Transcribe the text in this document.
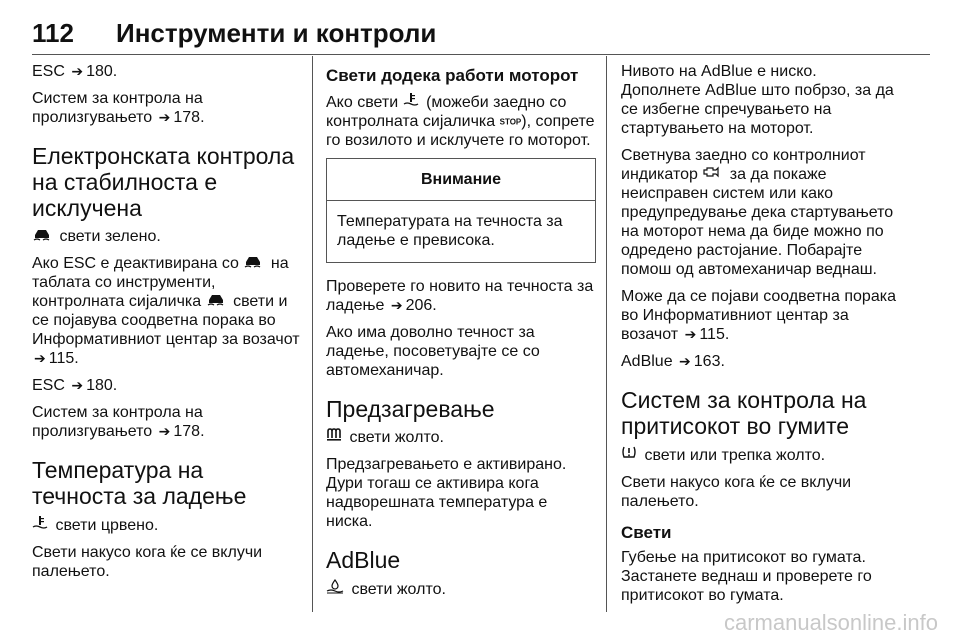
112	Инструменти и контроли

ESC ➔ 180.

Систем за контрола на пролизгувањето ➔ 178.

Електронската контрола на стабилноста е исклучена

свети зелено.

Ако ESC е деактивирана со на таблата со инструменти, контролната сијаличка свети и се појавува соодветна порака во Информативниот центар за возачот ➔ 115.

ESC ➔ 180.

Систем за контрола на пролизгувањето ➔ 178.

Температура на течноста за ладење

свети црвено.

Свети накусо кога ќе се вклучи палењето.

Свети додека работи моторот

Ако свети (можеби заедно со контролната сијаличка STOP), сопрете го возилото и исклучете го моторот.

Внимание
Температурата на течноста за ладење е превисока.

Проверете го новито на течноста за ладење ➔ 206.

Ако има доволно течност за ладење, посоветувајте се со автомеханичар.

Предзагревање

свети жолто.

Предзагревањето е активирано. Дури тогаш се активира кога надворешната температура е ниска.

AdBlue

свети жолто.

Нивото на AdBlue е ниско. Дополнете AdBlue што побрзо, за да се избегне спречувањето на стартувањето на моторот.

Светнува заедно со контролниот индикатор за да покаже неисправен систем или како предупредување дека стартувањето на моторот нема да биде можно по одредено растојание. Побарајте помош од автомеханичар веднаш.

Може да се појави соодветна порака во Информативниот центар за возачот ➔ 115.

AdBlue ➔ 163.

Систем за контрола на притисокот во гумите

свети или трепка жолто.

Свети накусо кога ќе се вклучи палењето.

Свети

Губење на притисокот во гумата. Застанете веднаш и проверете го притисокот во гумата.

carmanualsonline.info
